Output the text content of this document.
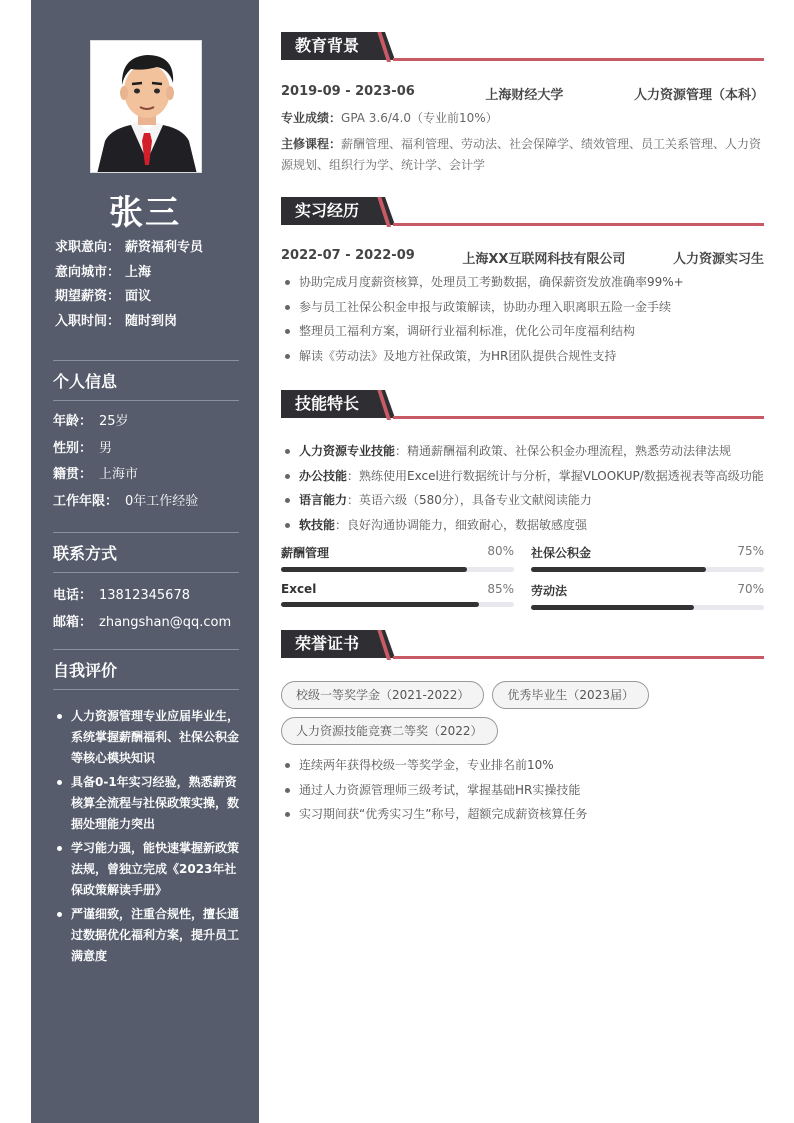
张三
求职意向： 薪资福利专员
意向城市： 上海
期望薪资： 面议
入职时间： 随时到岗
个人信息
年龄： 25岁
性别： 男
籍贯： 上海市
工作年限： 0年工作经验
联系方式
电话： 13812345678
邮箱： zhangshan@qq.com
自我评价
人力资源管理专业应届毕业生，系统掌握薪酬福利、社保公积金等核心模块知识
具备0-1年实习经验，熟悉薪资核算全流程与社保政策实操，数据处理能力突出
学习能力强，能快速掌握新政策法规，曾独立完成《2023年社保政策解读手册》
严谨细致，注重合规性，擅长通过数据优化福利方案，提升员工满意度
教育背景
2019-09 - 2023-06	上海财经大学	人力资源管理（本科）
专业成绩：GPA 3.6/4.0（专业前10%）
主修课程：薪酬管理、福利管理、劳动法、社会保障学、绩效管理、员工关系管理、人力资源规划、组织行为学、统计学、会计学
实习经历
2022-07 - 2022-09	上海XX互联网科技有限公司	人力资源实习生
协助完成月度薪资核算，处理员工考勤数据，确保薪资发放准确率99%+
参与员工社保公积金申报与政策解读，协助办理入职离职五险一金手续
整理员工福利方案，调研行业福利标准，优化公司年度福利结构
解读《劳动法》及地方社保政策，为HR团队提供合规性支持
技能特长
人力资源专业技能：精通薪酬福利政策、社保公积金办理流程，熟悉劳动法律法规
办公技能：熟练使用Excel进行数据统计与分析，掌握VLOOKUP/数据透视表等高级功能
语言能力：英语六级（580分），具备专业文献阅读能力
软技能：良好沟通协调能力，细致耐心，数据敏感度强
薪酬管理	80% 社保公积金	75%
Excel	85% 劳动法	70%
荣誉证书
校级一等奖学金（2021-2022）	优秀毕业生（2023届）
人力资源技能竞赛二等奖（2022）
连续两年获得校级一等奖学金，专业排名前10%
通过人力资源管理师三级考试，掌握基础HR实操技能
实习期间获“优秀实习生”称号，超额完成薪资核算任务
